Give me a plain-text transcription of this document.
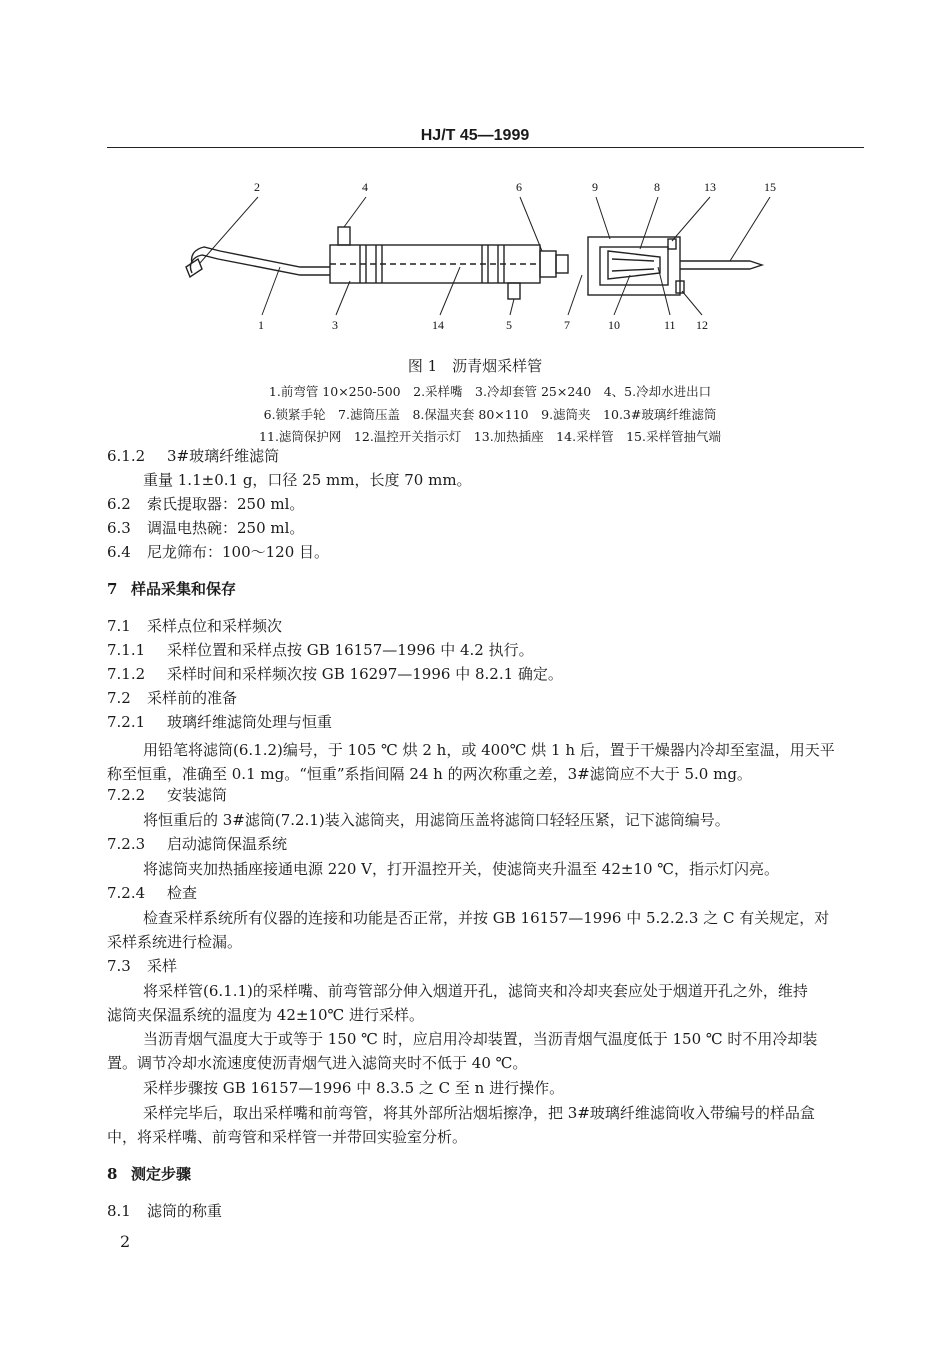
HJ/T 45—1999
2	4	6	9	8	13	15
1	3	14	5	7	10	11 12
图 1　沥青烟采样管
1.前弯管 10×250-500　2.采样嘴　3.冷却套管 25×240　4、5.冷却水进出口
6.锁紧手轮　7.滤筒压盖　8.保温夹套 80×110　9.滤筒夹　10.3#玻璃纤维滤筒
11.滤筒保护网　12.温控开关指示灯　13.加热插座　14.采样管　15.采样管抽气端
6.1.2 3#玻璃纤维滤筒
重量 1.1±0.1 g，口径 25 mm，长度 70 mm。
6.2 索氏提取器：250 ml。
6.3 调温电热碗：250 ml。
6.4 尼龙筛布：100～120 目。
7 样品采集和保存
7.1 采样点位和采样频次
7.1.1 采样位置和采样点按 GB 16157—1996 中 4.2 执行。
7.1.2 采样时间和采样频次按 GB 16297—1996 中 8.2.1 确定。
7.2 采样前的准备
7.2.1 玻璃纤维滤筒处理与恒重
用铅笔将滤筒(6.1.2)编号，于 105 ℃ 烘 2 h，或 400℃ 烘 1 h 后，置于干燥器内冷却至室温，用天平
称至恒重，准确至 0.1 mg。“恒重”系指间隔 24 h 的两次称重之差，3#滤筒应不大于 5.0 mg。
7.2.2 安装滤筒
将恒重后的 3#滤筒(7.2.1)装入滤筒夹，用滤筒压盖将滤筒口轻轻压紧，记下滤筒编号。
7.2.3 启动滤筒保温系统
将滤筒夹加热插座接通电源 220 V，打开温控开关，使滤筒夹升温至 42±10 ℃，指示灯闪亮。
7.2.4 检查
检查采样系统所有仪器的连接和功能是否正常，并按 GB 16157—1996 中 5.2.2.3 之 C 有关规定，对
采样系统进行检漏。
7.3 采样
将采样管(6.1.1)的采样嘴、前弯管部分伸入烟道开孔，滤筒夹和冷却夹套应处于烟道开孔之外，维持
滤筒夹保温系统的温度为 42±10℃ 进行采样。
当沥青烟气温度大于或等于 150 ℃ 时，应启用冷却装置，当沥青烟气温度低于 150 ℃ 时不用冷却装
置。调节冷却水流速度使沥青烟气进入滤筒夹时不低于 40 ℃。
采样步骤按 GB 16157—1996 中 8.3.5 之 C 至 n 进行操作。
采样完毕后，取出采样嘴和前弯管，将其外部所沾烟垢擦净，把 3#玻璃纤维滤筒收入带编号的样品盒
中，将采样嘴、前弯管和采样管一并带回实验室分析。
8 测定步骤
8.1 滤筒的称重
2
